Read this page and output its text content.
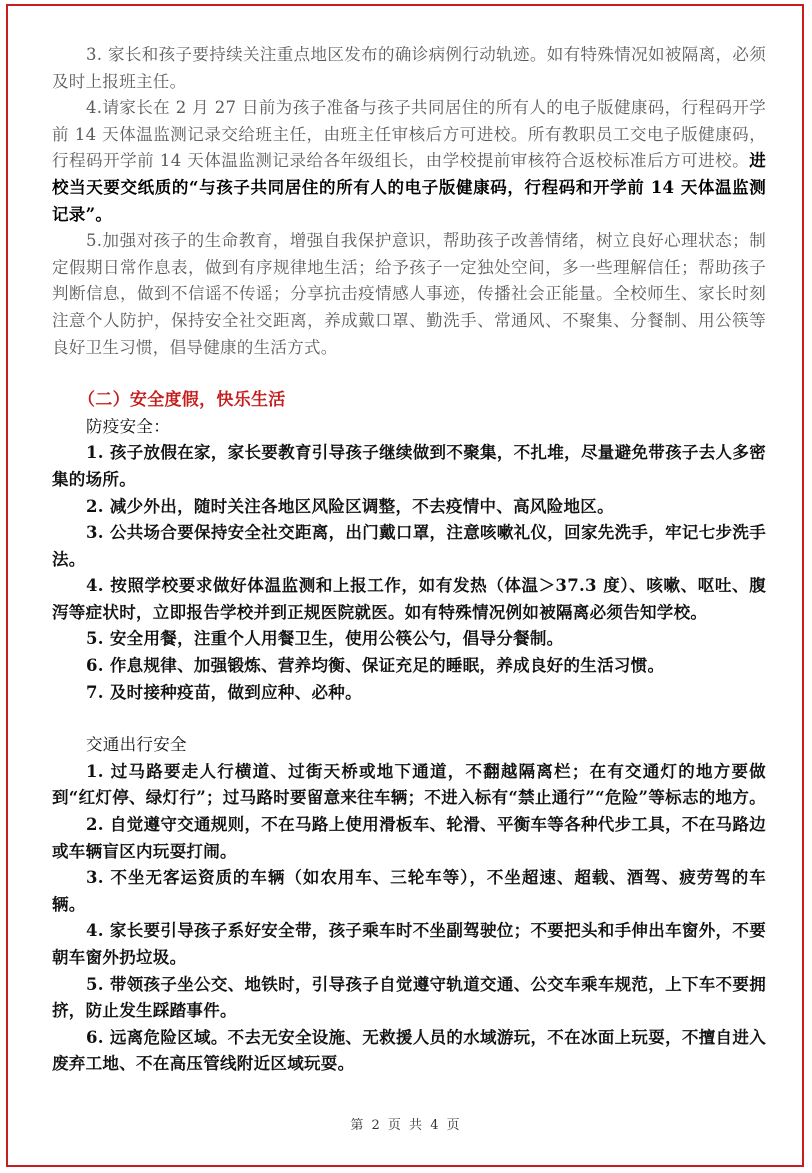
3. 家长和孩子要持续关注重点地区发布的确诊病例行动轨迹。如有特殊情况如被隔离，必须及时上报班主任。

4.请家长在 2 月 27 日前为孩子准备与孩子共同居住的所有人的电子版健康码，行程码开学前 14 天体温监测记录交给班主任，由班主任审核后方可进校。所有教职员工交电子版健康码，行程码开学前 14 天体温监测记录给各年级组长，由学校提前审核符合返校标准后方可进校。进校当天要交纸质的“与孩子共同居住的所有人的电子版健康码，行程码和开学前 14 天体温监测记录”。

5.加强对孩子的生命教育，增强自我保护意识，帮助孩子改善情绪，树立良好心理状态；制定假期日常作息表，做到有序规律地生活；给予孩子一定独处空间，多一些理解信任；帮助孩子判断信息，做到不信谣不传谣；分享抗击疫情感人事迹，传播社会正能量。全校师生、家长时刻注意个人防护，保持安全社交距离，养成戴口罩、勤洗手、常通风、不聚集、分餐制、用公筷等良好卫生习惯，倡导健康的生活方式。

（二）安全度假，快乐生活

防疫安全：

1. 孩子放假在家，家长要教育引导孩子继续做到不聚集，不扎堆，尽量避免带孩子去人多密集的场所。

2. 减少外出，随时关注各地区风险区调整，不去疫情中、高风险地区。

3. 公共场合要保持安全社交距离，出门戴口罩，注意咳嗽礼仪，回家先洗手，牢记七步洗手法。

4. 按照学校要求做好体温监测和上报工作，如有发热（体温＞37.3 度）、咳嗽、呕吐、腹泻等症状时，立即报告学校并到正规医院就医。如有特殊情况例如被隔离必须告知学校。

5. 安全用餐，注重个人用餐卫生，使用公筷公勺，倡导分餐制。

6. 作息规律、加强锻炼、营养均衡、保证充足的睡眠，养成良好的生活习惯。

7. 及时接种疫苗，做到应种、必种。

交通出行安全

1. 过马路要走人行横道、过街天桥或地下通道，不翻越隔离栏；在有交通灯的地方要做到“红灯停、绿灯行”；过马路时要留意来往车辆；不进入标有“禁止通行”“危险”等标志的地方。

2. 自觉遵守交通规则，不在马路上使用滑板车、轮滑、平衡车等各种代步工具，不在马路边或车辆盲区内玩耍打闹。

3. 不坐无客运资质的车辆（如农用车、三轮车等），不坐超速、超载、酒驾、疲劳驾的车辆。

4. 家长要引导孩子系好安全带，孩子乘车时不坐副驾驶位；不要把头和手伸出车窗外，不要朝车窗外扔垃圾。

5. 带领孩子坐公交、地铁时，引导孩子自觉遵守轨道交通、公交车乘车规范，上下车不要拥挤，防止发生踩踏事件。

6. 远离危险区域。不去无安全设施、无救援人员的水域游玩，不在冰面上玩耍，不擅自进入废弃工地、不在高压管线附近区域玩耍。

第 2 页 共 4 页
